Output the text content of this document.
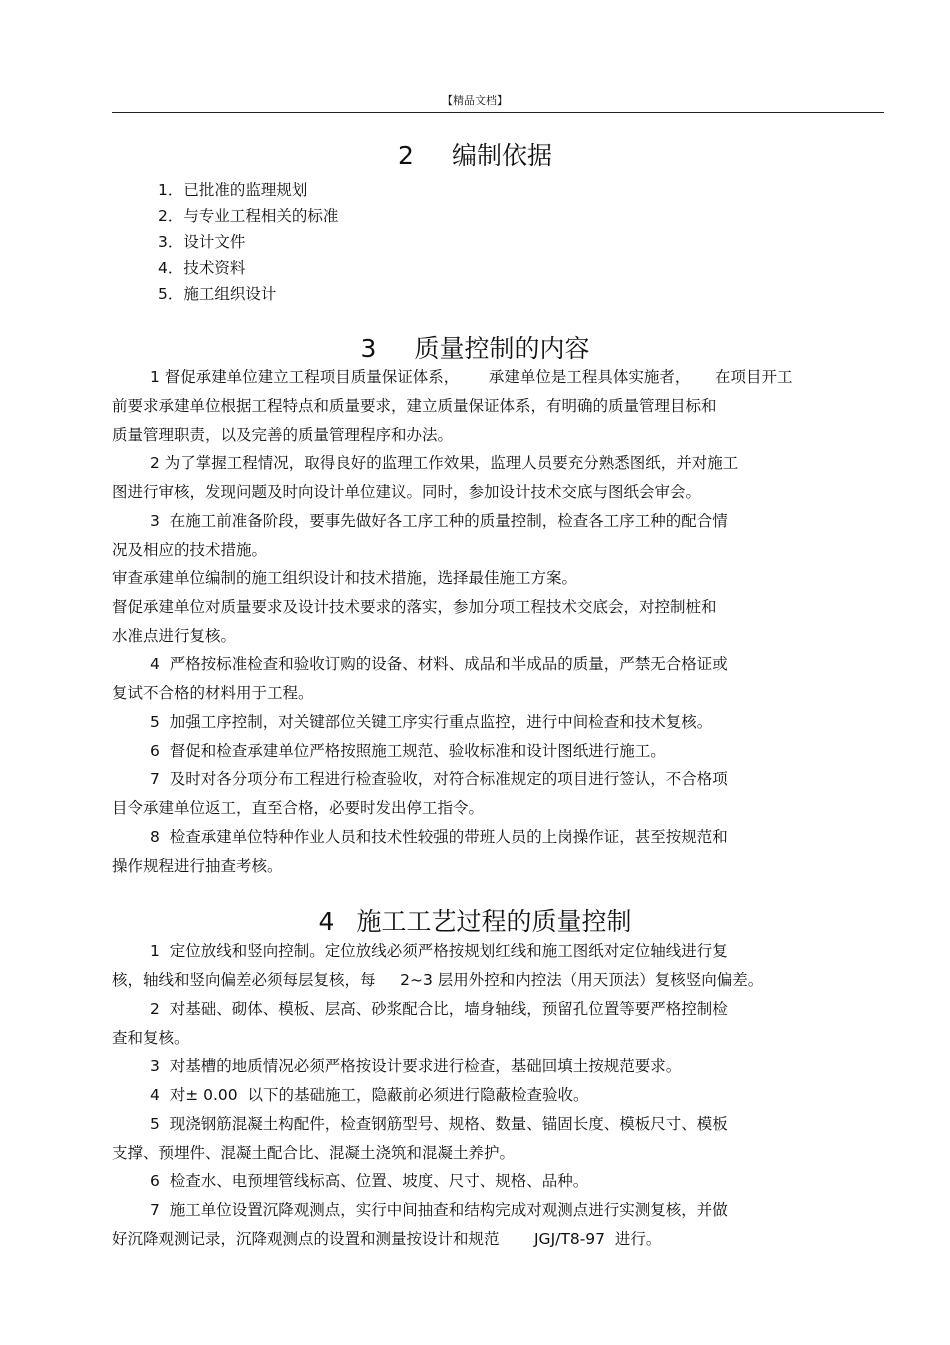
【精品文档】
2 编制依据
1．已批准的监理规划
2．与专业工程相关的标准
3．设计文件
4．技术资料
5．施工组织设计
3 质量控制的内容
1 督促承建单位建立工程项目质量保证体系，      承建单位是工程具体实施者，     在项目开工
前要求承建单位根据工程特点和质量要求，建立质量保证体系，有明确的质量管理目标和
质量管理职责，以及完善的质量管理程序和办法。
2 为了掌握工程情况，取得良好的监理工作效果，监理人员要充分熟悉图纸，并对施工
图进行审核，发现问题及时向设计单位建议。同时，参加设计技术交底与图纸会审会。
3  在施工前准备阶段，要事先做好各工序工种的质量控制，检查各工序工种的配合情
况及相应的技术措施。
审查承建单位编制的施工组织设计和技术措施，选择最佳施工方案。
督促承建单位对质量要求及设计技术要求的落实，参加分项工程技术交底会，对控制桩和
水准点进行复核。
4  严格按标准检查和验收订购的设备、材料、成品和半成品的质量，严禁无合格证或
复试不合格的材料用于工程。
5  加强工序控制，对关键部位关键工序实行重点监控，进行中间检查和技术复核。
6  督促和检查承建单位严格按照施工规范、验收标准和设计图纸进行施工。
7  及时对各分项分布工程进行检查验收，对符合标准规定的项目进行签认，不合格项
目令承建单位返工，直至合格，必要时发出停工指令。
8  检查承建单位特种作业人员和技术性较强的带班人员的上岗操作证，甚至按规范和
操作规程进行抽查考核。
4 施工工艺过程的质量控制
1  定位放线和竖向控制。定位放线必须严格按规划红线和施工图纸对定位轴线进行复
核，轴线和竖向偏差必须每层复核，每     2~3 层用外控和内控法（用天顶法）复核竖向偏差。
2  对基础、砌体、模板、层高、砂浆配合比，墙身轴线，预留孔位置等要严格控制检
查和复核。
3  对基槽的地质情况必须严格按设计要求进行检查，基础回填土按规范要求。
4  对± 0.00  以下的基础施工，隐蔽前必须进行隐蔽检查验收。
5  现浇钢筋混凝土构配件，检查钢筋型号、规格、数量、锚固长度、模板尺寸、模板
支撑、预埋件、混凝土配合比、混凝土浇筑和混凝土养护。
6  检查水、电预埋管线标高、位置、坡度、尺寸、规格、品种。
7  施工单位设置沉降观测点，实行中间抽查和结构完成对观测点进行实测复核，并做
好沉降观测记录，沉降观测点的设置和测量按设计和规范       JGJ/T8-97  进行。
